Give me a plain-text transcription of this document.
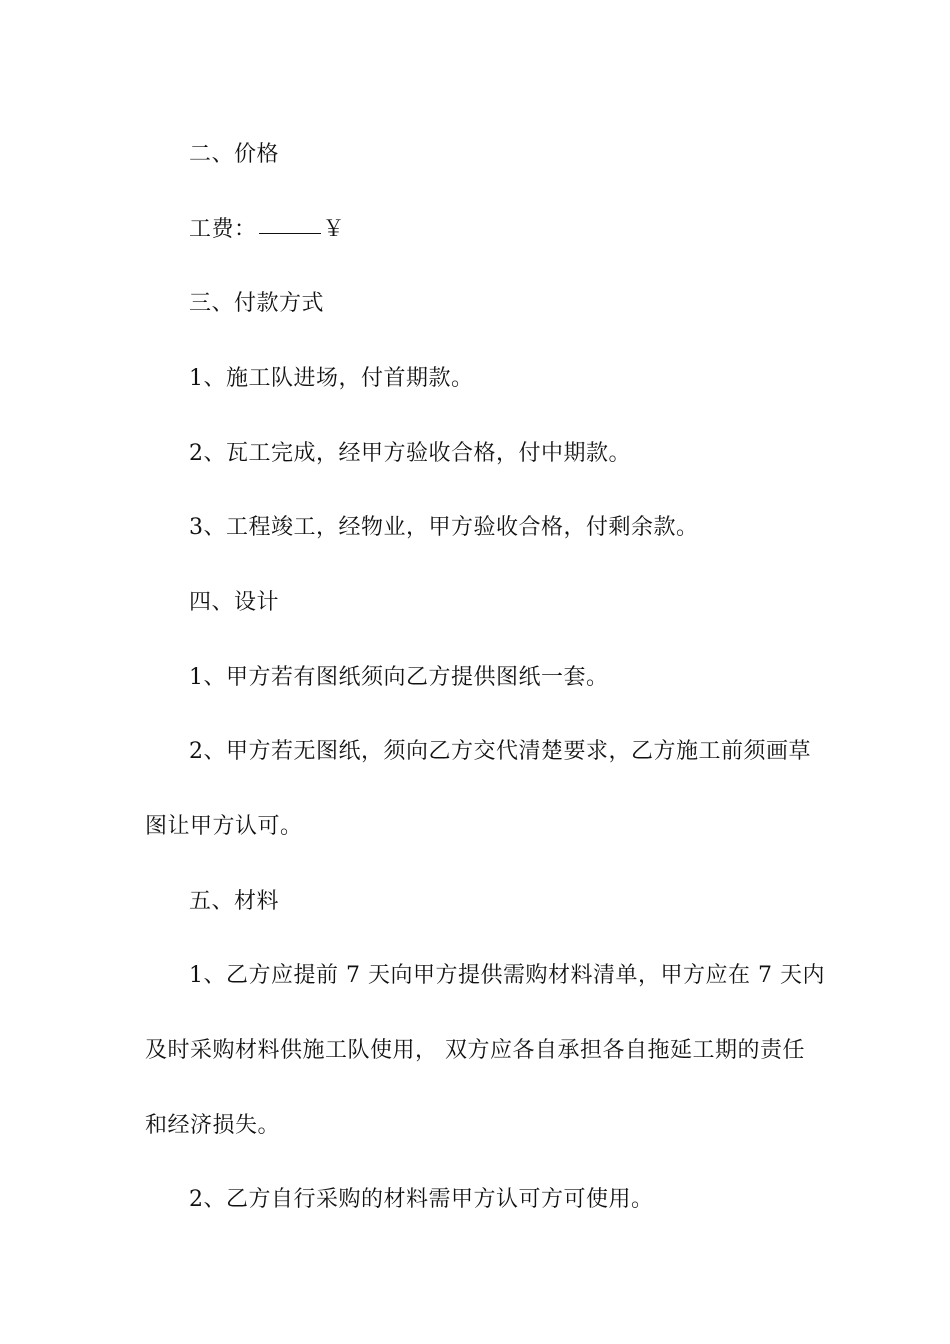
二、价格
工费：	￥
三、付款方式
1、施工队进场，付首期款。
2、瓦工完成，经甲方验收合格，付中期款。
3、工程竣工，经物业，甲方验收合格，付剩余款。
四、设计
1、甲方若有图纸须向乙方提供图纸一套。
2、甲方若无图纸，须向乙方交代清楚要求，乙方施工前须画草
图让甲方认可。
五、材料
1、乙方应提前 7 天向甲方提供需购材料清单，甲方应在 7 天内
及时采购材料供施工队使用， 双方应各自承担各自拖延工期的责任
和经济损失。
2、乙方自行采购的材料需甲方认可方可使用。
